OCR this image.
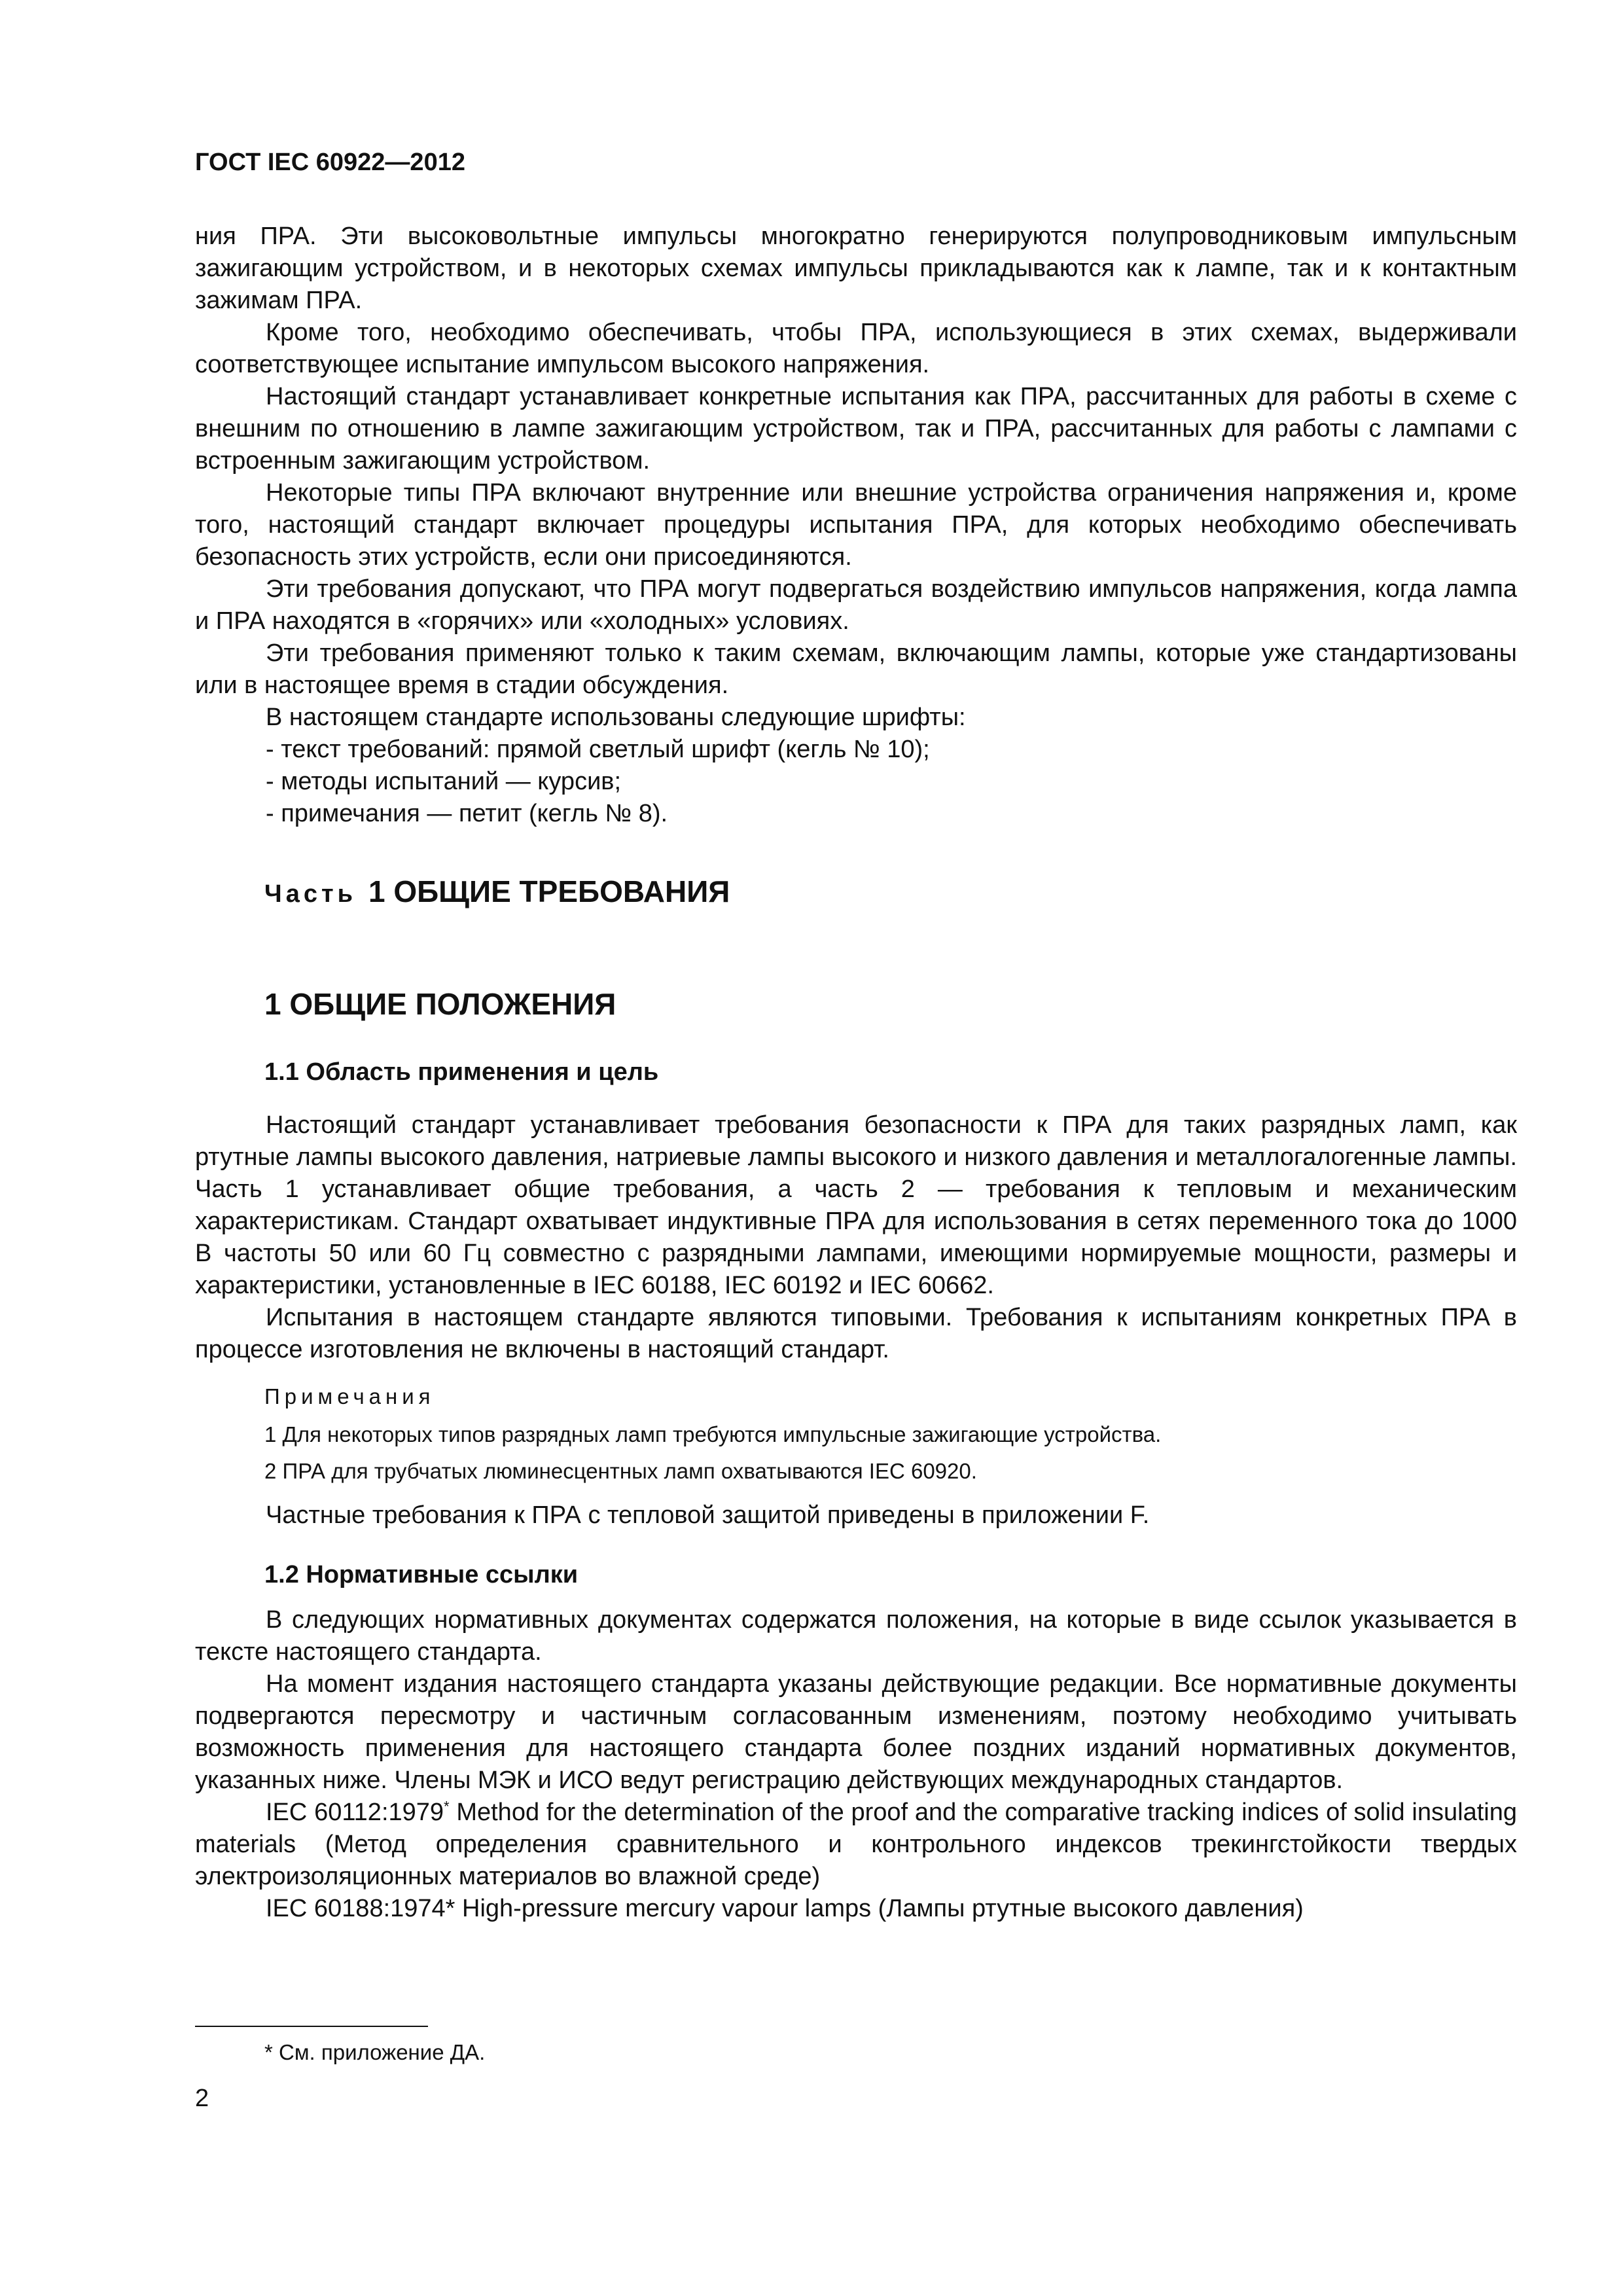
ГОСТ IEC 60922—2012

ния ПРА. Эти высоковольтные импульсы многократно генерируются полупроводниковым импульсным зажигающим устройством, и в некоторых схемах импульсы прикладываются как к лампе, так и к контактным зажимам ПРА.

Кроме того, необходимо обеспечивать, чтобы ПРА, использующиеся в этих схемах, выдерживали соответствующее испытание импульсом высокого напряжения.

Настоящий стандарт устанавливает конкретные испытания как ПРА, рассчитанных для работы в схеме с внешним по отношению в лампе зажигающим устройством, так и ПРА, рассчитанных для работы с лампами с встроенным зажигающим устройством.

Некоторые типы ПРА включают внутренние или внешние устройства ограничения напряжения и, кроме того, настоящий стандарт включает процедуры испытания ПРА, для которых необходимо обеспечивать безопасность этих устройств, если они присоединяются.

Эти требования допускают, что ПРА могут подвергаться воздействию импульсов напряжения, когда лампа и ПРА находятся в «горячих» или «холодных» условиях.

Эти требования применяют только к таким схемам, включающим лампы, которые уже стандартизованы или в настоящее время в стадии обсуждения.

В настоящем стандарте использованы следующие шрифты:

- текст требований: прямой светлый шрифт (кегль № 10);

- методы испытаний — курсив;

- примечания — петит (кегль № 8).

Часть 1 ОБЩИЕ ТРЕБОВАНИЯ
1 ОБЩИЕ ПОЛОЖЕНИЯ
1.1 Область применения и цель

Настоящий стандарт устанавливает требования безопасности к ПРА для таких разрядных ламп, как ртутные лампы высокого давления, натриевые лампы высокого и низкого давления и металлогалогенные лампы. Часть 1 устанавливает общие требования, а часть 2 — требования к тепловым и механическим характеристикам. Стандарт охватывает индуктивные ПРА для использования в сетях переменного тока до 1000 В частоты 50 или 60 Гц совместно с разрядными лампами, имеющими нормируемые мощности, размеры и характеристики, установленные в IEC 60188, IEC 60192 и IEC 60662.

Испытания в настоящем стандарте являются типовыми. Требования к испытаниям конкретных ПРА в процессе изготовления не включены в настоящий стандарт.

Примечания
1 Для некоторых типов разрядных ламп требуются импульсные зажигающие устройства.
2 ПРА для трубчатых люминесцентных ламп охватываются IEC 60920.

Частные требования к ПРА с тепловой защитой приведены в приложении F.

1.2 Нормативные ссылки

В следующих нормативных документах содержатся положения, на которые в виде ссылок указывается в тексте настоящего стандарта.

На момент издания настоящего стандарта указаны действующие редакции. Все нормативные документы подвергаются пересмотру и частичным согласованным изменениям, поэтому необходимо учитывать возможность применения для настоящего стандарта более поздних изданий нормативных документов, указанных ниже. Члены МЭК и ИСО ведут регистрацию действующих международных стандартов.

IEC 60112:1979* Method for the determination of the proof and the comparative tracking indices of solid insulating materials (Метод определения сравнительного и контрольного индексов трекингстойкости твердых электроизоляционных материалов во влажной среде)

IEC 60188:1974* High-pressure mercury vapour lamps (Лампы ртутные высокого давления)

* См. приложение ДА.
2
